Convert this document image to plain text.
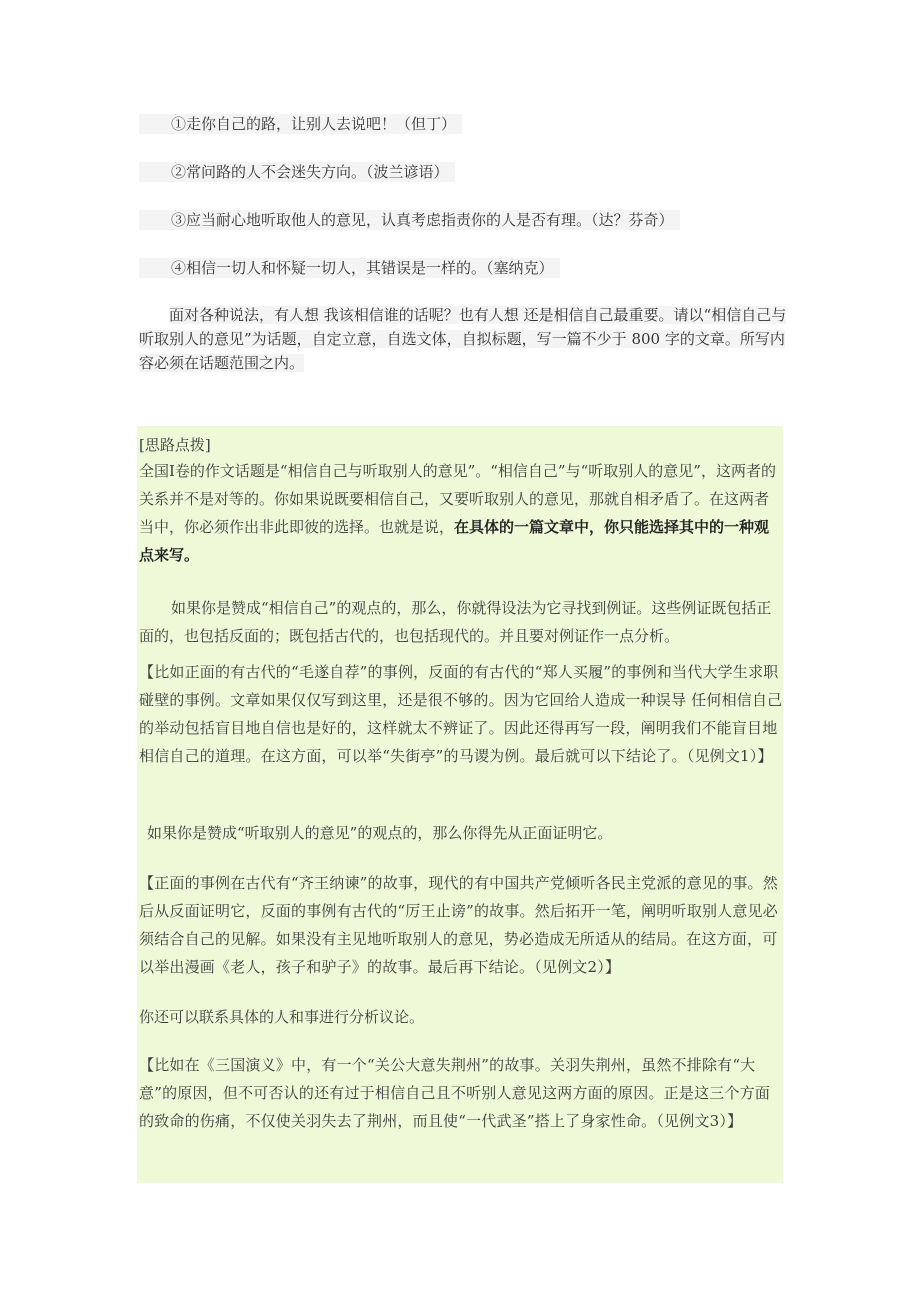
①走你自己的路，让别人去说吧！（但丁）
②常问路的人不会迷失方向。（波兰谚语）
③应当耐心地听取他人的意见，认真考虑指责你的人是否有理。（达？芬奇）
④相信一切人和怀疑一切人，其错误是一样的。（塞纳克）

面对各种说法，有人想 我该相信谁的话呢？也有人想 还是相信自己最重要。请以“相信自己与听取别人的意见”为话题，自定立意，自选文体，自拟标题，写一篇不少于 800 字的文章。所写内容必须在话题范围之内。

[思路点拨]

全国Ⅰ卷的作文话题是“相信自己与听取别人的意见”。“相信自己”与“听取别人的意见”，这两者的关系并不是对等的。你如果说既要相信自己，又要听取别人的意见，那就自相矛盾了。在这两者当中，你必须作出非此即彼的选择。也就是说，在具体的一篇文章中，你只能选择其中的一种观点来写。

如果你是赞成“相信自己”的观点的，那么，你就得设法为它寻找到例证。这些例证既包括正面的，也包括反面的；既包括古代的，也包括现代的。并且要对例证作一点分析。

【比如正面的有古代的“毛遂自荐”的事例，反面的有古代的“郑人买履”的事例和当代大学生求职碰壁的事例。文章如果仅仅写到这里，还是很不够的。因为它回给人造成一种误导 任何相信自己的举动包括盲目地自信也是好的，这样就太不辨证了。因此还得再写一段，阐明我们不能盲目地相信自己的道理。在这方面，可以举“失街亭”的马谡为例。最后就可以下结论了。（见例文1）】

如果你是赞成“听取别人的意见”的观点的，那么你得先从正面证明它。

【正面的事例在古代有“齐王纳谏”的故事，现代的有中国共产党倾听各民主党派的意见的事。然后从反面证明它，反面的事例有古代的“厉王止谤”的故事。然后拓开一笔，阐明听取别人意见必须结合自己的见解。如果没有主见地听取别人的意见，势必造成无所适从的结局。在这方面，可以举出漫画《老人，孩子和驴子》的故事。最后再下结论。（见例文2）】

你还可以联系具体的人和事进行分析议论。

【比如在《三国演义》中，有一个“关公大意失荆州”的故事。关羽失荆州，虽然不排除有“大意”的原因，但不可否认的还有过于相信自己且不听别人意见这两方面的原因。正是这三个方面的致命的伤痛，不仅使关羽失去了荆州，而且使“一代武圣”搭上了身家性命。（见例文3）】
